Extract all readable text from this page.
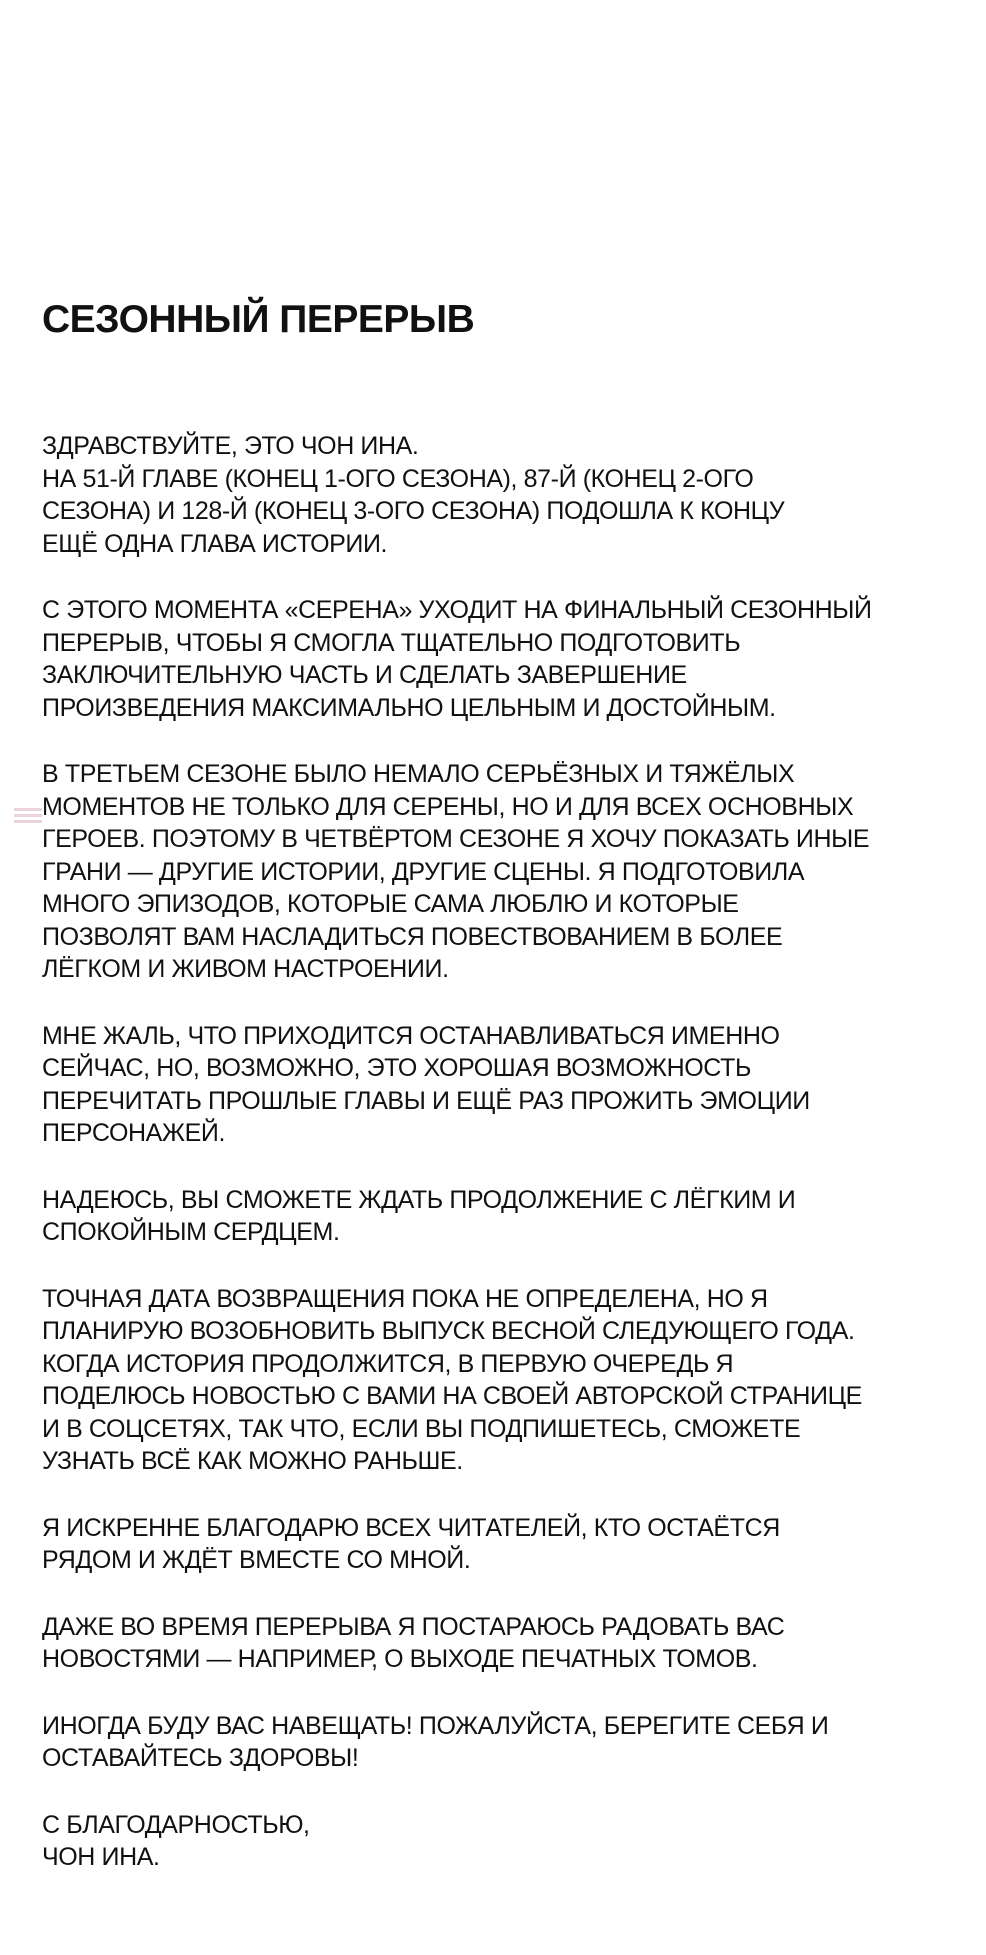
СЕЗОННЫЙ ПЕРЕРЫВ

ЗДРАВСТВУЙТЕ, ЭТО ЧОН ИНА.
НА 51-Й ГЛАВЕ (КОНЕЦ 1-ОГО СЕЗОНА), 87-Й (КОНЕЦ 2-ОГО
СЕЗОНА) И 128-Й (КОНЕЦ 3-ОГО СЕЗОНА) ПОДОШЛА К КОНЦУ
ЕЩЁ ОДНА ГЛАВА ИСТОРИИ.

С ЭТОГО МОМЕНТА «СЕРЕНА» УХОДИТ НА ФИНАЛЬНЫЙ СЕЗОННЫЙ
ПЕРЕРЫВ, ЧТОБЫ Я СМОГЛА ТЩАТЕЛЬНО ПОДГОТОВИТЬ
ЗАКЛЮЧИТЕЛЬНУЮ ЧАСТЬ И СДЕЛАТЬ ЗАВЕРШЕНИЕ
ПРОИЗВЕДЕНИЯ МАКСИМАЛЬНО ЦЕЛЬНЫМ И ДОСТОЙНЫМ.

В ТРЕТЬЕМ СЕЗОНЕ БЫЛО НЕМАЛО СЕРЬЁЗНЫХ И ТЯЖЁЛЫХ
МОМЕНТОВ НЕ ТОЛЬКО ДЛЯ СЕРЕНЫ, НО И ДЛЯ ВСЕХ ОСНОВНЫХ
ГЕРОЕВ. ПОЭТОМУ В ЧЕТВЁРТОМ СЕЗОНЕ Я ХОЧУ ПОКАЗАТЬ ИНЫЕ
ГРАНИ — ДРУГИЕ ИСТОРИИ, ДРУГИЕ СЦЕНЫ. Я ПОДГОТОВИЛА
МНОГО ЭПИЗОДОВ, КОТОРЫЕ САМА ЛЮБЛЮ И КОТОРЫЕ
ПОЗВОЛЯТ ВАМ НАСЛАДИТЬСЯ ПОВЕСТВОВАНИЕМ В БОЛЕЕ
ЛЁГКОМ И ЖИВОМ НАСТРОЕНИИ.

МНЕ ЖАЛЬ, ЧТО ПРИХОДИТСЯ ОСТАНАВЛИВАТЬСЯ ИМЕННО
СЕЙЧАС, НО, ВОЗМОЖНО, ЭТО ХОРОШАЯ ВОЗМОЖНОСТЬ
ПЕРЕЧИТАТЬ ПРОШЛЫЕ ГЛАВЫ И ЕЩЁ РАЗ ПРОЖИТЬ ЭМОЦИИ
ПЕРСОНАЖЕЙ.

НАДЕЮСЬ, ВЫ СМОЖЕТЕ ЖДАТЬ ПРОДОЛЖЕНИЕ С ЛЁГКИМ И
СПОКОЙНЫМ СЕРДЦЕМ.

ТОЧНАЯ ДАТА ВОЗВРАЩЕНИЯ ПОКА НЕ ОПРЕДЕЛЕНА, НО Я
ПЛАНИРУЮ ВОЗОБНОВИТЬ ВЫПУСК ВЕСНОЙ СЛЕДУЮЩЕГО ГОДА.
КОГДА ИСТОРИЯ ПРОДОЛЖИТСЯ, В ПЕРВУЮ ОЧЕРЕДЬ Я
ПОДЕЛЮСЬ НОВОСТЬЮ С ВАМИ НА СВОЕЙ АВТОРСКОЙ СТРАНИЦЕ
И В СОЦСЕТЯХ, ТАК ЧТО, ЕСЛИ ВЫ ПОДПИШЕТЕСЬ, СМОЖЕТЕ
УЗНАТЬ ВСЁ КАК МОЖНО РАНЬШЕ.

Я ИСКРЕННЕ БЛАГОДАРЮ ВСЕХ ЧИТАТЕЛЕЙ, КТО ОСТАЁТСЯ
РЯДОМ И ЖДЁТ ВМЕСТЕ СО МНОЙ.

ДАЖЕ ВО ВРЕМЯ ПЕРЕРЫВА Я ПОСТАРАЮСЬ РАДОВАТЬ ВАС
НОВОСТЯМИ — НАПРИМЕР, О ВЫХОДЕ ПЕЧАТНЫХ ТОМОВ.

ИНОГДА БУДУ ВАС НАВЕЩАТЬ! ПОЖАЛУЙСТА, БЕРЕГИТЕ СЕБЯ И
ОСТАВАЙТЕСЬ ЗДОРОВЫ!

С БЛАГОДАРНОСТЬЮ,
ЧОН ИНА.
